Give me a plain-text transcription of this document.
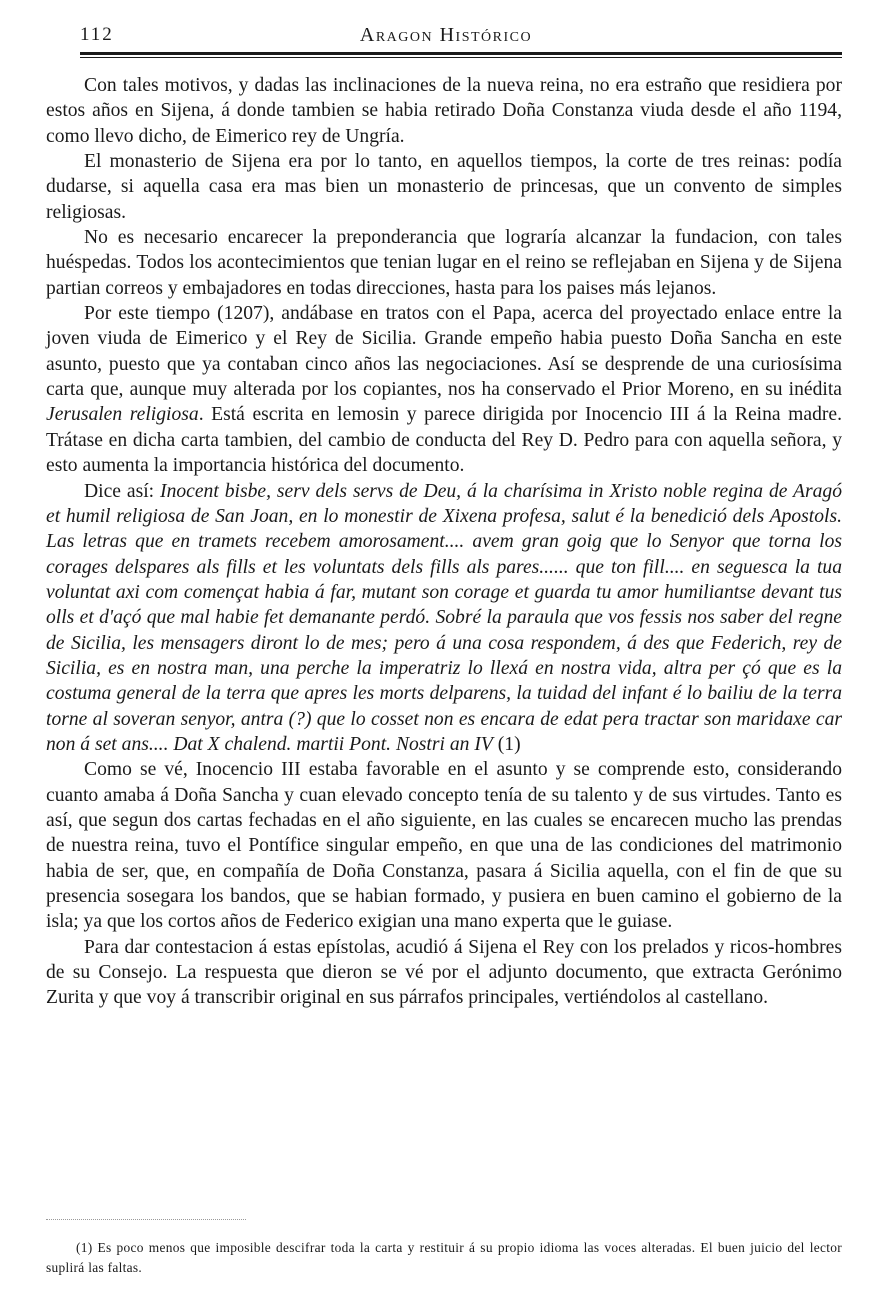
112	Aragon Histórico

Con tales motivos, y dadas las inclinaciones de la nueva reina, no era estraño que residiera por estos años en Sijena, á donde tambien se habia retirado Doña Constanza viuda desde el año 1194, como llevo dicho, de Eimerico rey de Ungría.

El monasterio de Sijena era por lo tanto, en aquellos tiempos, la corte de tres reinas: podía dudarse, si aquella casa era mas bien un monasterio de princesas, que un convento de simples religiosas.

No es necesario encarecer la preponderancia que lograría alcanzar la fundacion, con tales huéspedas. Todos los acontecimientos que tenian lugar en el reino se reflejaban en Sijena y de Sijena partian correos y embajadores en todas direcciones, hasta para los paises más lejanos.

Por este tiempo (1207), andábase en tratos con el Papa, acerca del proyectado enlace entre la joven viuda de Eimerico y el Rey de Sicilia. Grande empeño habia puesto Doña Sancha en este asunto, puesto que ya contaban cinco años las negociaciones. Así se desprende de una curiosísima carta que, aunque muy alterada por los copiantes, nos ha conservado el Prior Moreno, en su inédita Jerusalen religiosa. Está escrita en lemosin y parece dirigida por Inocencio III á la Reina madre. Trátase en dicha carta tambien, del cambio de conducta del Rey D. Pedro para con aquella señora, y esto aumenta la importancia histórica del documento.

Dice así: Inocent bisbe, serv dels servs de Deu, á la charísima in Xristo noble regina de Aragó et humil religiosa de San Joan, en lo monestir de Xixena profesa, salut é la benedició dels Apostols. Las letras que en tramets recebem amorosament.... avem gran goig que lo Senyor que torna los corages delspares als fills et les voluntats dels fills als pares...... que ton fill.... en seguesca la tua voluntat axi com començat habia á far, mutant son corage et guarda tu amor humiliantse devant tus olls et d'açó que mal habie fet demanante perdó. Sobré la paraula que vos fessis nos saber del regne de Sicilia, les mensagers diront lo de mes; pero á una cosa respondem, á des que Federich, rey de Sicilia, es en nostra man, una perche la imperatriz lo llexá en nostra vida, altra per çó que es la costuma general de la terra que apres les morts delparens, la tuidad del infant é lo bailiu de la terra torne al soveran senyor, antra (?) que lo cosset non es encara de edat pera tractar son maridaxe car non á set ans.... Dat X chalend. martii Pont. Nostri an IV (1)

Como se vé, Inocencio III estaba favorable en el asunto y se comprende esto, considerando cuanto amaba á Doña Sancha y cuan elevado concepto tenía de su talento y de sus virtudes. Tanto es así, que segun dos cartas fechadas en el año siguiente, en las cuales se encarecen mucho las prendas de nuestra reina, tuvo el Pontífice singular empeño, en que una de las condiciones del matrimonio habia de ser, que, en compañía de Doña Constanza, pasara á Sicilia aquella, con el fin de que su presencia sosegara los bandos, que se habian formado, y pusiera en buen camino el gobierno de la isla; ya que los cortos años de Federico exigian una mano experta que le guiase.

Para dar contestacion á estas epístolas, acudió á Sijena el Rey con los prelados y ricos-hombres de su Consejo. La respuesta que dieron se vé por el adjunto documento, que extracta Gerónimo Zurita y que voy á transcribir original en sus párrafos principales, vertiéndolos al castellano.

(1) Es poco menos que imposible descifrar toda la carta y restituir á su propio idioma las voces alteradas. El buen juicio del lector suplirá las faltas.
